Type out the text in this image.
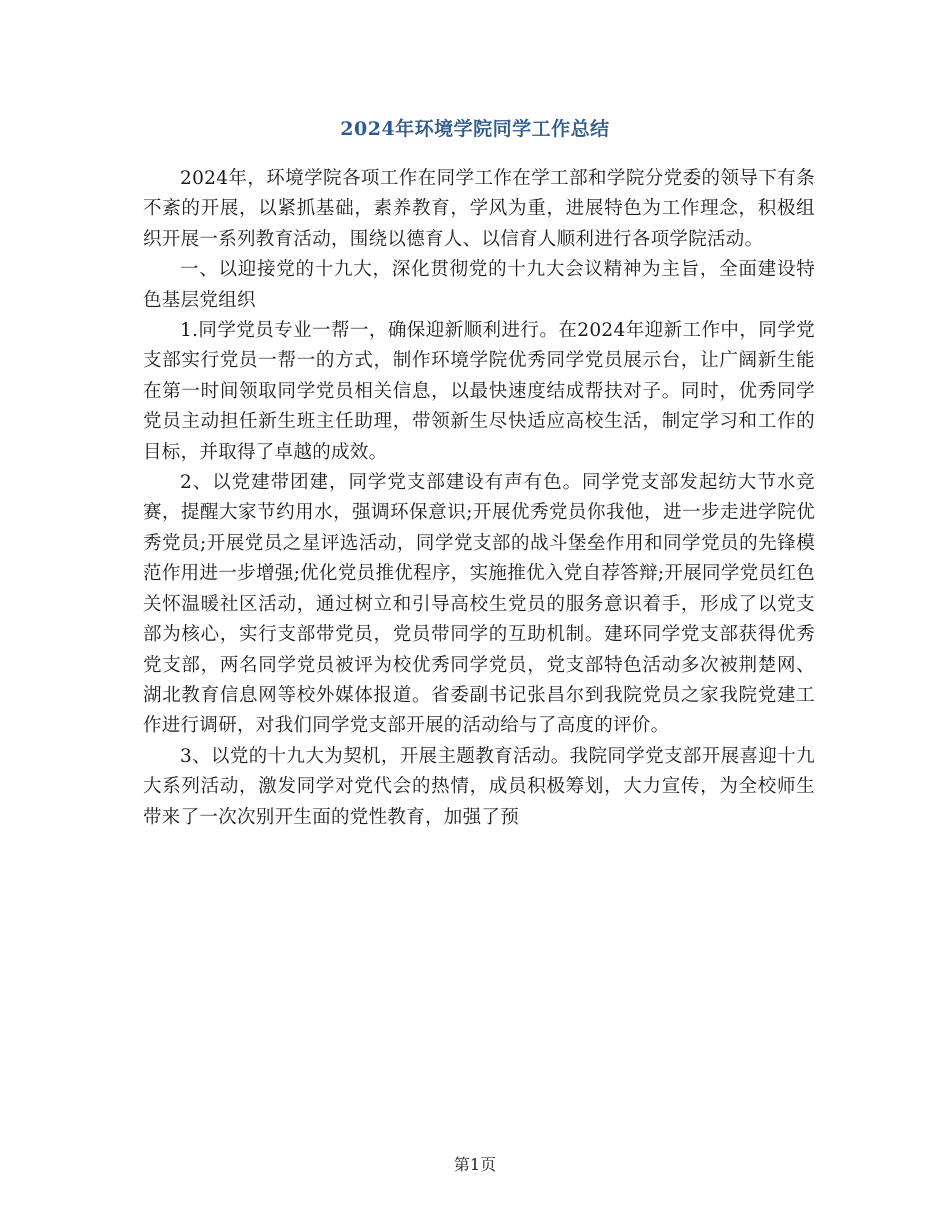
2024年环境学院同学工作总结

2024年，环境学院各项工作在同学工作在学工部和学院分党委的领导下有条不紊的开展，以紧抓基础，素养教育，学风为重，进展特色为工作理念，积极组织开展一系列教育活动，围绕以德育人、以信育人顺利进行各项学院活动。

一、以迎接党的十九大，深化贯彻党的十九大会议精神为主旨，全面建设特色基层党组织

1.同学党员专业一帮一，确保迎新顺利进行。在2024年迎新工作中，同学党支部实行党员一帮一的方式，制作环境学院优秀同学党员展示台，让广阔新生能在第一时间领取同学党员相关信息，以最快速度结成帮扶对子。同时，优秀同学党员主动担任新生班主任助理，带领新生尽快适应高校生活，制定学习和工作的目标，并取得了卓越的成效。

2、以党建带团建，同学党支部建设有声有色。同学党支部发起纺大节水竞赛，提醒大家节约用水，强调环保意识;开展优秀党员你我他，进一步走进学院优秀党员;开展党员之星评选活动，同学党支部的战斗堡垒作用和同学党员的先锋模范作用进一步增强;优化党员推优程序，实施推优入党自荐答辩;开展同学党员红色关怀温暖社区活动，通过树立和引导高校生党员的服务意识着手，形成了以党支部为核心，实行支部带党员，党员带同学的互助机制。建环同学党支部获得优秀党支部，两名同学党员被评为校优秀同学党员，党支部特色活动多次被荆楚网、湖北教育信息网等校外媒体报道。省委副书记张昌尔到我院党员之家我院党建工作进行调研，对我们同学党支部开展的活动给与了高度的评价。

3、以党的十九大为契机，开展主题教育活动。我院同学党支部开展喜迎十九大系列活动，激发同学对党代会的热情，成员积极筹划，大力宣传，为全校师生带来了一次次别开生面的党性教育，加强了预

第1页
